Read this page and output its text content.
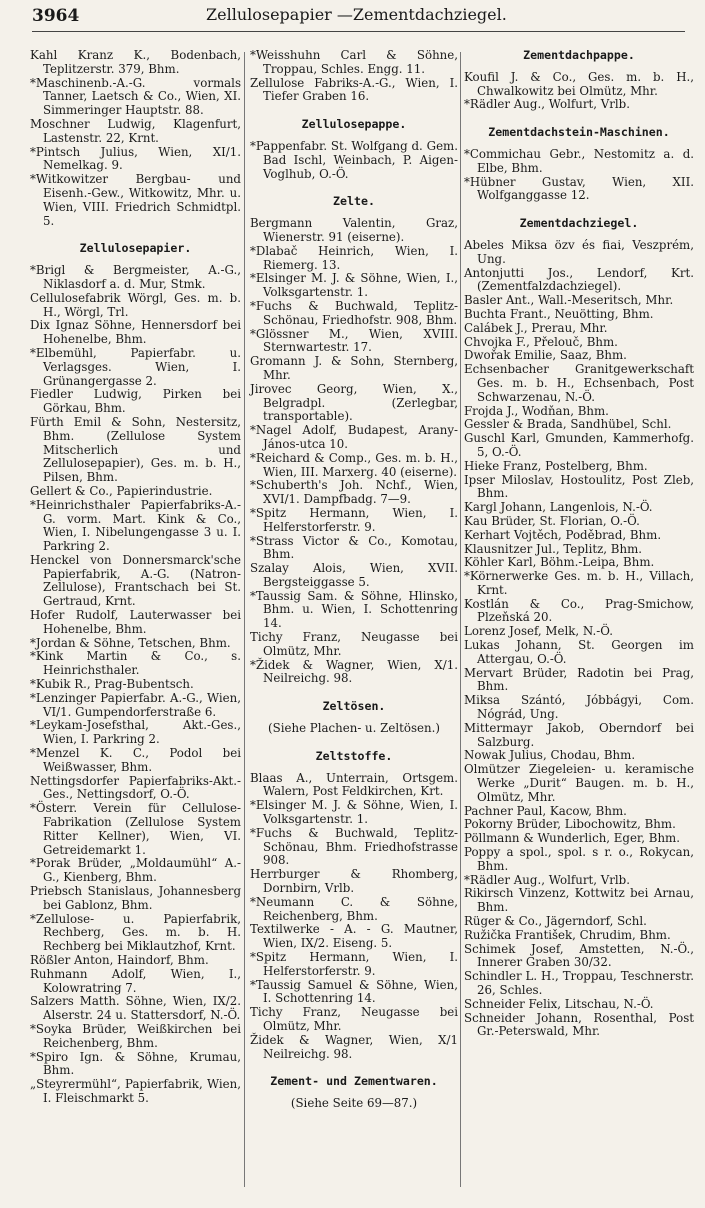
3964	Zellulosepapier —Zementdachziegel.
Kahl Kranz K., Bodenbach, Teplitzerstr. 379, Bhm.
*Maschinenb.-A.-G. vormals Tanner, Laetsch & Co., Wien, XI. Simmeringer Hauptstr. 88.
Moschner Ludwig, Klagenfurt, Lastenstr. 22, Krnt.
*Pintsch Julius, Wien, XI/1. Nemelkag. 9.
*Witkowitzer Bergbau- und Eisenh.-Gew., Witkowitz, Mhr. u. Wien, VIII. Friedrich Schmidtpl. 5.
Zellulosepapier.
*Brigl & Bergmeister, A.-G., Niklasdorf a. d. Mur, Stmk.
Cellulosefabrik Wörgl, Ges. m. b. H., Wörgl, Trl.
Dix Ignaz Söhne, Hennersdorf bei Hohenelbe, Bhm.
*Elbemühl, Papierfabr. u. Verlagsges. Wien, I. Grünangergasse 2.
Fiedler Ludwig, Pirken bei Görkau, Bhm.
Fürth Emil & Sohn, Nestersitz, Bhm. (Zellulose System Mitscherlich und Zellulosepapier), Ges. m. b. H., Pilsen, Bhm.
Gellert & Co., Papierindustrie.
*Heinrichsthaler Papierfabriks-A.-G. vorm. Mart. Kink & Co., Wien, I. Nibelungengasse 3 u. I. Parkring 2.
Henckel von Donnersmarck'sche Papierfabrik, A.-G. (Natron-Zellulose), Frantschach bei St. Gertraud, Krnt.
Hofer Rudolf, Lauterwasser bei Hohenelbe, Bhm.
*Jordan & Söhne, Tetschen, Bhm.
*Kink Martin & Co., s. Heinrichsthaler.
*Kubik R., Prag-Bubentsch.
*Lenzinger Papierfabr. A.-G., Wien, VI/1. Gumpendorferstraße 6.
*Leykam-Josefsthal, Akt.-Ges., Wien, I. Parkring 2.
*Menzel K. C., Podol bei Weißwasser, Bhm.
Nettingsdorfer Papierfabriks-Akt.-Ges., Nettingsdorf, O.-Ö.
*Österr. Verein für Cellulose-Fabrikation (Zellulose System Ritter Kellner), Wien, VI. Getreidemarkt 1.
*Porak Brüder, „Moldaumühl“ A.-G., Kienberg, Bhm.
Priebsch Stanislaus, Johannesberg bei Gablonz, Bhm.
*Zellulose- u. Papierfabrik, Rechberg, Ges. m. b. H. Rechberg bei Miklautzhof, Krnt.
Rößler Anton, Haindorf, Bhm.
Ruhmann Adolf, Wien, I., Kolowratring 7.
Salzers Matth. Söhne, Wien, IX/2. Alserstr. 24 u. Stattersdorf, N.-Ö.
*Soyka Brüder, Weißkirchen bei Reichenberg, Bhm.
*Spiro Ign. & Söhne, Krumau, Bhm.
„Steyrermühl“, Papierfabrik, Wien, I. Fleischmarkt 5.
*Weisshuhn Carl & Söhne, Troppau, Schles. Engg. 11.
Zellulose Fabriks-A.-G., Wien, I. Tiefer Graben 16.
Zellulosepappe.
*Pappenfabr. St. Wolfgang d. Gem. Bad Ischl, Weinbach, P. Aigen-Voglhub, O.-Ö.
Zelte.
Bergmann Valentin, Graz, Wienerstr. 91 (eiserne).
*Dlabač Heinrich, Wien, I. Riemerg. 13.
*Elsinger M. J. & Söhne, Wien, I., Volksgartenstr. 1.
*Fuchs & Buchwald, Teplitz-Schönau, Friedhofstr. 908, Bhm.
*Glössner M., Wien, XVIII. Sternwartestr. 17.
Gromann J. & Sohn, Sternberg, Mhr.
Jirovec Georg, Wien, X., Belgradpl. (Zerlegbar, transportable).
*Nagel Adolf, Budapest, Arany-János-utca 10.
*Reichard & Comp., Ges. m. b. H., Wien, III. Marxerg. 40 (eiserne).
*Schuberth's Joh. Nchf., Wien, XVI/1. Dampfbadg. 7—9.
*Spitz Hermann, Wien, I. Helferstorferstr. 9.
*Strass Victor & Co., Komotau, Bhm.
Szalay Alois, Wien, XVII. Bergsteiggasse 5.
*Taussig Sam. & Söhne, Hlinsko, Bhm. u. Wien, I. Schottenring 14.
Tichy Franz, Neugasse bei Olmütz, Mhr.
*Židek & Wagner, Wien, X/1. Neilreichg. 98.
Zeltösen.
(Siehe Plachen- u. Zeltösen.)
Zeltstoffe.
Blaas A., Unterrain, Ortsgem. Walern, Post Feldkirchen, Krt.
*Elsinger M. J. & Söhne, Wien, I. Volksgartenstr. 1.
*Fuchs & Buchwald, Teplitz-Schönau, Bhm. Friedhofstrasse 908.
Herrburger & Rhomberg, Dornbirn, Vrlb.
*Neumann C. & Söhne, Reichenberg, Bhm.
Textilwerke - A. - G. Mautner, Wien, IX/2. Eiseng. 5.
*Spitz Hermann, Wien, I. Helferstorferstr. 9.
*Taussig Samuel & Söhne, Wien, I. Schottenring 14.
Tichy Franz, Neugasse bei Olmütz, Mhr.
Židek & Wagner, Wien, X/1 Neilreichg. 98.
Zement- und Zementwaren.
(Siehe Seite 69—87.)
Zementdachpappe.
Koufil J. & Co., Ges. m. b. H., Chwalkowitz bei Olmütz, Mhr.
*Rädler Aug., Wolfurt, Vrlb.
Zementdachstein-Maschinen.
*Commichau Gebr., Nestomitz a. d. Elbe, Bhm.
*Hübner Gustav, Wien, XII. Wolfganggasse 12.
Zementdachziegel.
Abeles Miksa özv és fiai, Veszprém, Ung.
Antonjutti Jos., Lendorf, Krt. (Zementfalzdachziegel).
Basler Ant., Wall.-Meseritsch, Mhr.
Buchta Frant., Neuötting, Bhm.
Calábek J., Prerau, Mhr.
Chvojka F., Přelouč, Bhm.
Dwořak Emilie, Saaz, Bhm.
Echsenbacher Granitgewerkschaft Ges. m. b. H., Echsenbach, Post Schwarzenau, N.-Ö.
Frojda J., Wodňan, Bhm.
Gessler & Brada, Sandhübel, Schl.
Guschl Karl, Gmunden, Kammerhofg. 5, O.-Ö.
Hieke Franz, Postelberg, Bhm.
Ipser Miloslav, Hostoulitz, Post Zleb, Bhm.
Kargl Johann, Langenlois, N.-Ö.
Kau Brüder, St. Florian, O.-Ö.
Kerhart Vojtěch, Poděbrad, Bhm.
Klausnitzer Jul., Teplitz, Bhm.
Köhler Karl, Böhm.-Leipa, Bhm.
*Körnerwerke Ges. m. b. H., Villach, Krnt.
Kostlán & Co., Prag-Smichow, Plzeňská 20.
Lorenz Josef, Melk, N.-Ö.
Lukas Johann, St. Georgen im Attergau, O.-Ö.
Mervart Brüder, Radotin bei Prag, Bhm.
Miksa Szántó, Jóbbágyi, Com. Nógrád, Ung.
Mittermayr Jakob, Oberndorf bei Salzburg.
Nowak Julius, Chodau, Bhm.
Olmützer Ziegeleien- u. keramische Werke „Durit“ Baugen. m. b. H., Olmütz, Mhr.
Pachner Paul, Kacow, Bhm.
Pokorny Brüder, Libochowitz, Bhm.
Pöllmann & Wunderlich, Eger, Bhm.
Poppy a spol., spol. s r. o., Rokycan, Bhm.
*Rädler Aug., Wolfurt, Vrlb.
Rikirsch Vinzenz, Kottwitz bei Arnau, Bhm.
Rüger & Co., Jägerndorf, Schl.
Ružička František, Chrudim, Bhm.
Schimek Josef, Amstetten, N.-Ö., Innerer Graben 30/32.
Schindler L. H., Troppau, Teschnerstr. 26, Schles.
Schneider Felix, Litschau, N.-Ö.
Schneider Johann, Rosenthal, Post Gr.-Peterswald, Mhr.
